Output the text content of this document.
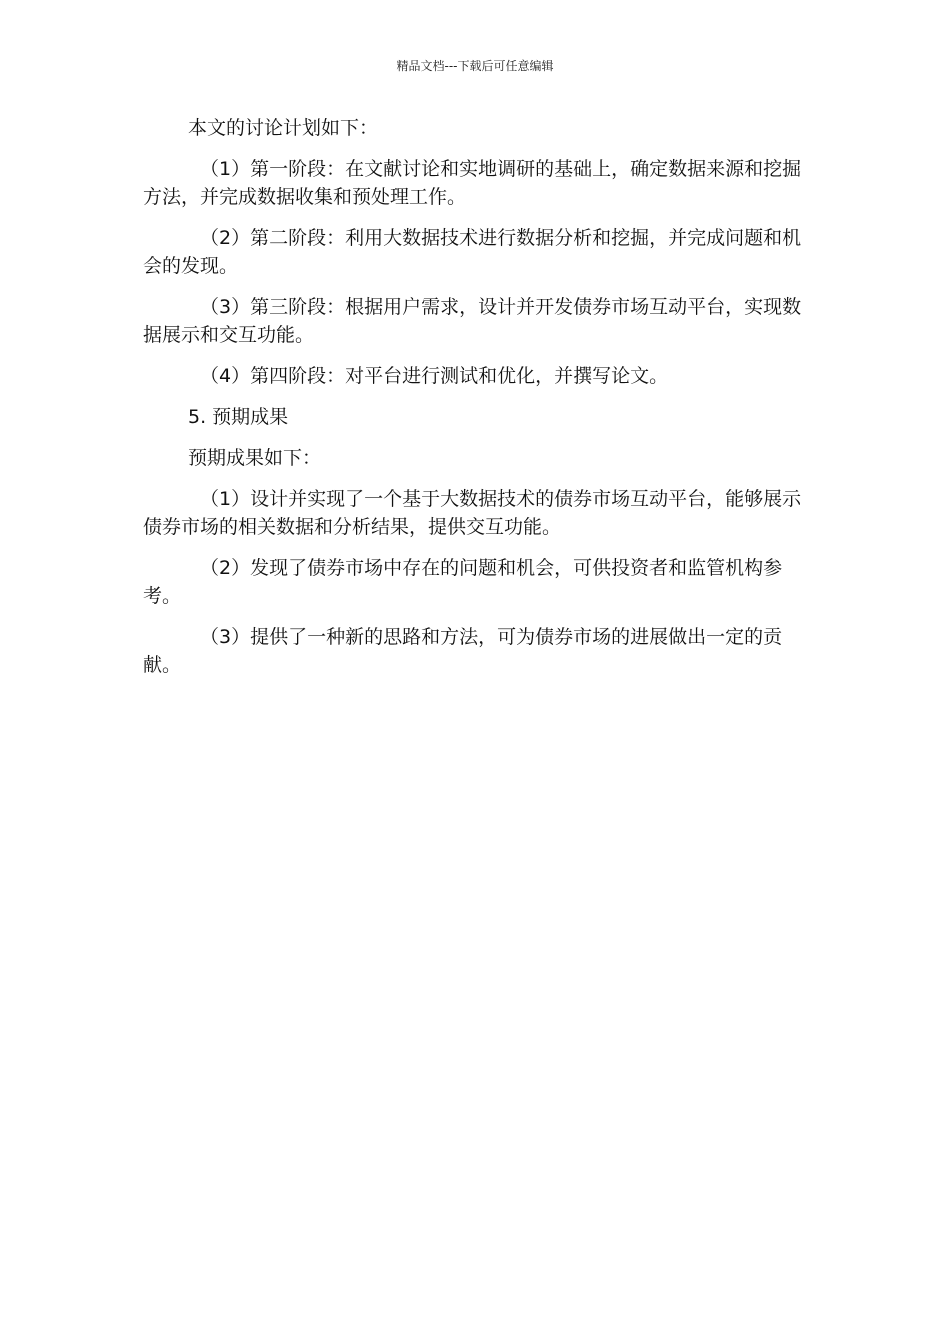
精品文档---下载后可任意编辑

本文的讨论计划如下：

（1）第一阶段：在文献讨论和实地调研的基础上，确定数据来源和挖掘方法，并完成数据收集和预处理工作。

（2）第二阶段：利用大数据技术进行数据分析和挖掘，并完成问题和机会的发现。

（3）第三阶段：根据用户需求，设计并开发债券市场互动平台，实现数据展示和交互功能。

（4）第四阶段：对平台进行测试和优化，并撰写论文。

5. 预期成果

预期成果如下：

（1）设计并实现了一个基于大数据技术的债券市场互动平台，能够展示债券市场的相关数据和分析结果，提供交互功能。

（2）发现了债券市场中存在的问题和机会，可供投资者和监管机构参考。

（3）提供了一种新的思路和方法，可为债券市场的进展做出一定的贡献。
